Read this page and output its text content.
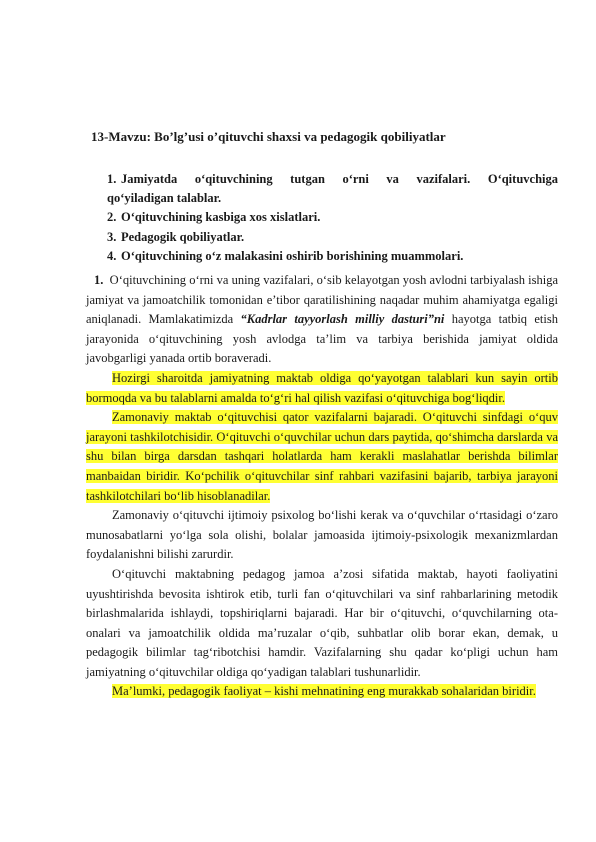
13-Mavzu: Bo’lg’usi o’qituvchi shaxsi va pedagogik qobiliyatlar
1. Jamiyatda o‘qituvchining tutgan o‘rni va vazifalari. O‘qituvchiga
qo‘yiladigan talablar.
2. O‘qituvchining kasbiga xos xislatlari.
3. Pedagogik qobiliyatlar.
4. O‘qituvchining o‘z malakasini oshirib borishining muammolari.

1. O‘qituvchining o‘rni va uning vazifalari, o‘sib kelayotgan yosh avlodni tarbiyalash ishiga jamiyat va jamoatchilik tomonidan e’tibor qaratilishining naqadar muhim ahamiyatga egaligi aniqlanadi. Mamlakatimizda “Kadrlar tayyorlash milliy dasturi”ni hayotga tatbiq etish jarayonida o‘qituvchining yosh avlodga ta’lim va tarbiya berishida jamiyat oldida javobgarligi yanada ortib boraveradi.

Hozirgi sharoitda jamiyatning maktab oldiga qo‘yayotgan talablari kun sayin ortib bormoqda va bu talablarni amalda to‘g‘ri hal qilish vazifasi o‘qituvchiga bog‘liqdir.

Zamonaviy maktab o‘qituvchisi qator vazifalarni bajaradi. O‘qituvchi sinfdagi o‘quv jarayoni tashkilotchisidir. O‘qituvchi o‘quvchilar uchun dars paytida, qo‘shimcha darslarda va shu bilan birga darsdan tashqari holatlarda ham kerakli maslahatlar berishda bilimlar manbaidan biridir. Ko‘pchilik o‘qituvchilar sinf rahbari vazifasini bajarib, tarbiya jarayoni tashkilotchilari bo‘lib hisoblanadilar.

Zamonaviy o‘qituvchi ijtimoiy psixolog bo‘lishi kerak va o‘quvchilar o‘rtasidagi o‘zaro munosabatlarni yo‘lga sola olishi, bolalar jamoasida ijtimoiy-psixologik mexanizmlardan foydalanishni bilishi zarurdir.

O‘qituvchi maktabning pedagog jamoa a’zosi sifatida maktab, hayoti faoliyatini uyushtirishda bevosita ishtirok etib, turli fan o‘qituvchilari va sinf rahbarlarining metodik birlashmalarida ishlaydi, topshiriqlarni bajaradi. Har bir o‘qituvchi, o‘quvchilarning ota-onalari va jamoatchilik oldida ma’ruzalar o‘qib, suhbatlar olib borar ekan, demak, u pedagogik bilimlar tag‘ribotchisi hamdir. Vazifalarning shu qadar ko‘pligi uchun ham jamiyatning o‘qituvchilar oldiga qo‘yadigan talablari tushunarlidir.

Ma’lumki, pedagogik faoliyat – kishi mehnatining eng murakkab sohalaridan biridir.
